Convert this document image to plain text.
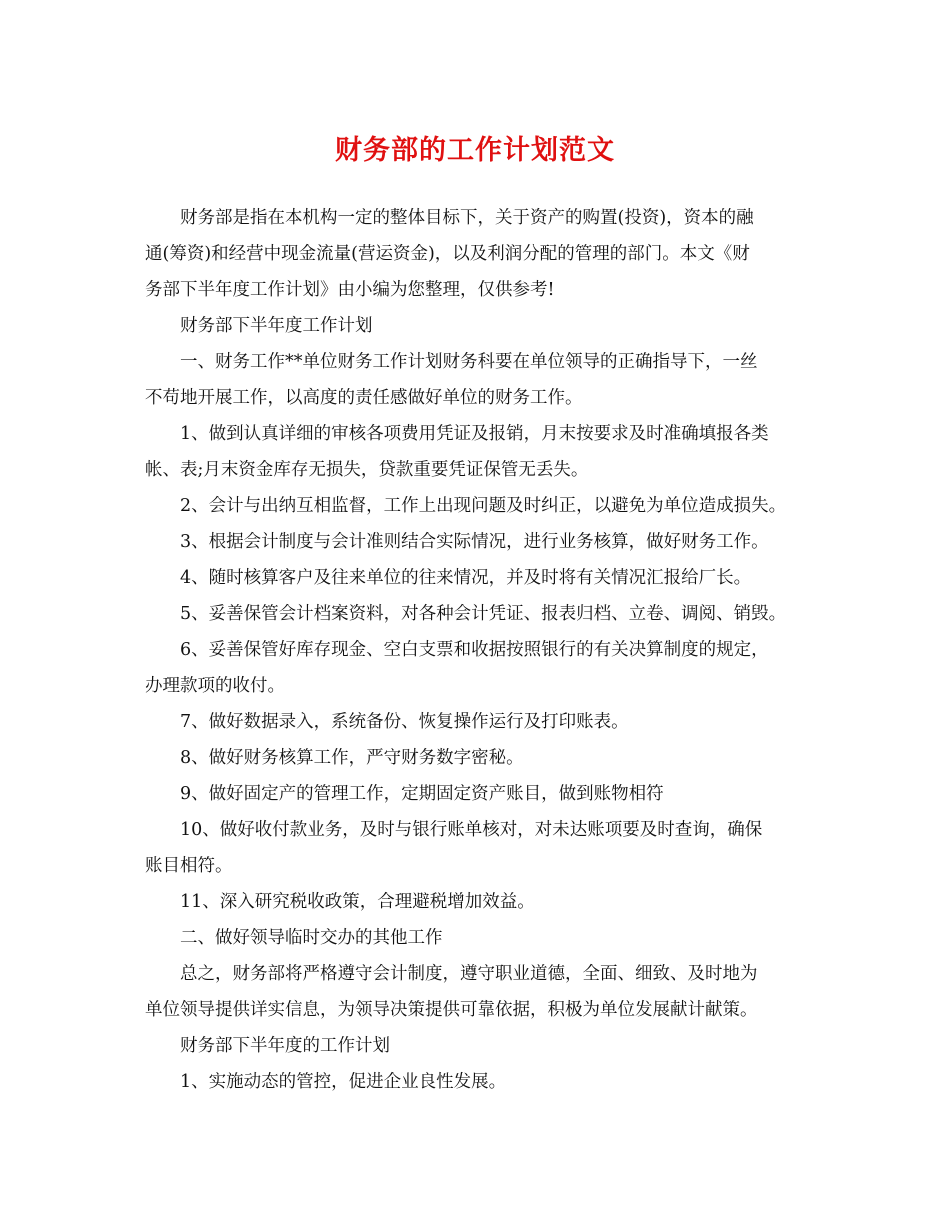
财务部的工作计划范文
财务部是指在本机构一定的整体目标下，关于资产的购置(投资)，资本的融
通(筹资)和经营中现金流量(营运资金)，以及利润分配的管理的部门。本文《财
务部下半年度工作计划》由小编为您整理，仅供参考!
财务部下半年度工作计划
一、财务工作**单位财务工作计划财务科要在单位领导的正确指导下，一丝
不苟地开展工作，以高度的责任感做好单位的财务工作。
1、做到认真详细的审核各项费用凭证及报销，月末按要求及时准确填报各类
帐、表;月末资金库存无损失，贷款重要凭证保管无丢失。
2、会计与出纳互相监督，工作上出现问题及时纠正，以避免为单位造成损失。
3、根据会计制度与会计准则结合实际情况，进行业务核算，做好财务工作。
4、随时核算客户及往来单位的往来情况，并及时将有关情况汇报给厂长。
5、妥善保管会计档案资料，对各种会计凭证、报表归档、立卷、调阅、销毁。
6、妥善保管好库存现金、空白支票和收据按照银行的有关决算制度的规定，
办理款项的收付。
7、做好数据录入，系统备份、恢复操作运行及打印账表。
8、做好财务核算工作，严守财务数字密秘。
9、做好固定产的管理工作，定期固定资产账目，做到账物相符
10、做好收付款业务，及时与银行账单核对，对未达账项要及时查询，确保
账目相符。
11、深入研究税收政策，合理避税增加效益。
二、做好领导临时交办的其他工作
总之，财务部将严格遵守会计制度，遵守职业道德，全面、细致、及时地为
单位领导提供详实信息，为领导决策提供可靠依据，积极为单位发展献计献策。
财务部下半年度的工作计划
1、实施动态的管控，促进企业良性发展。
